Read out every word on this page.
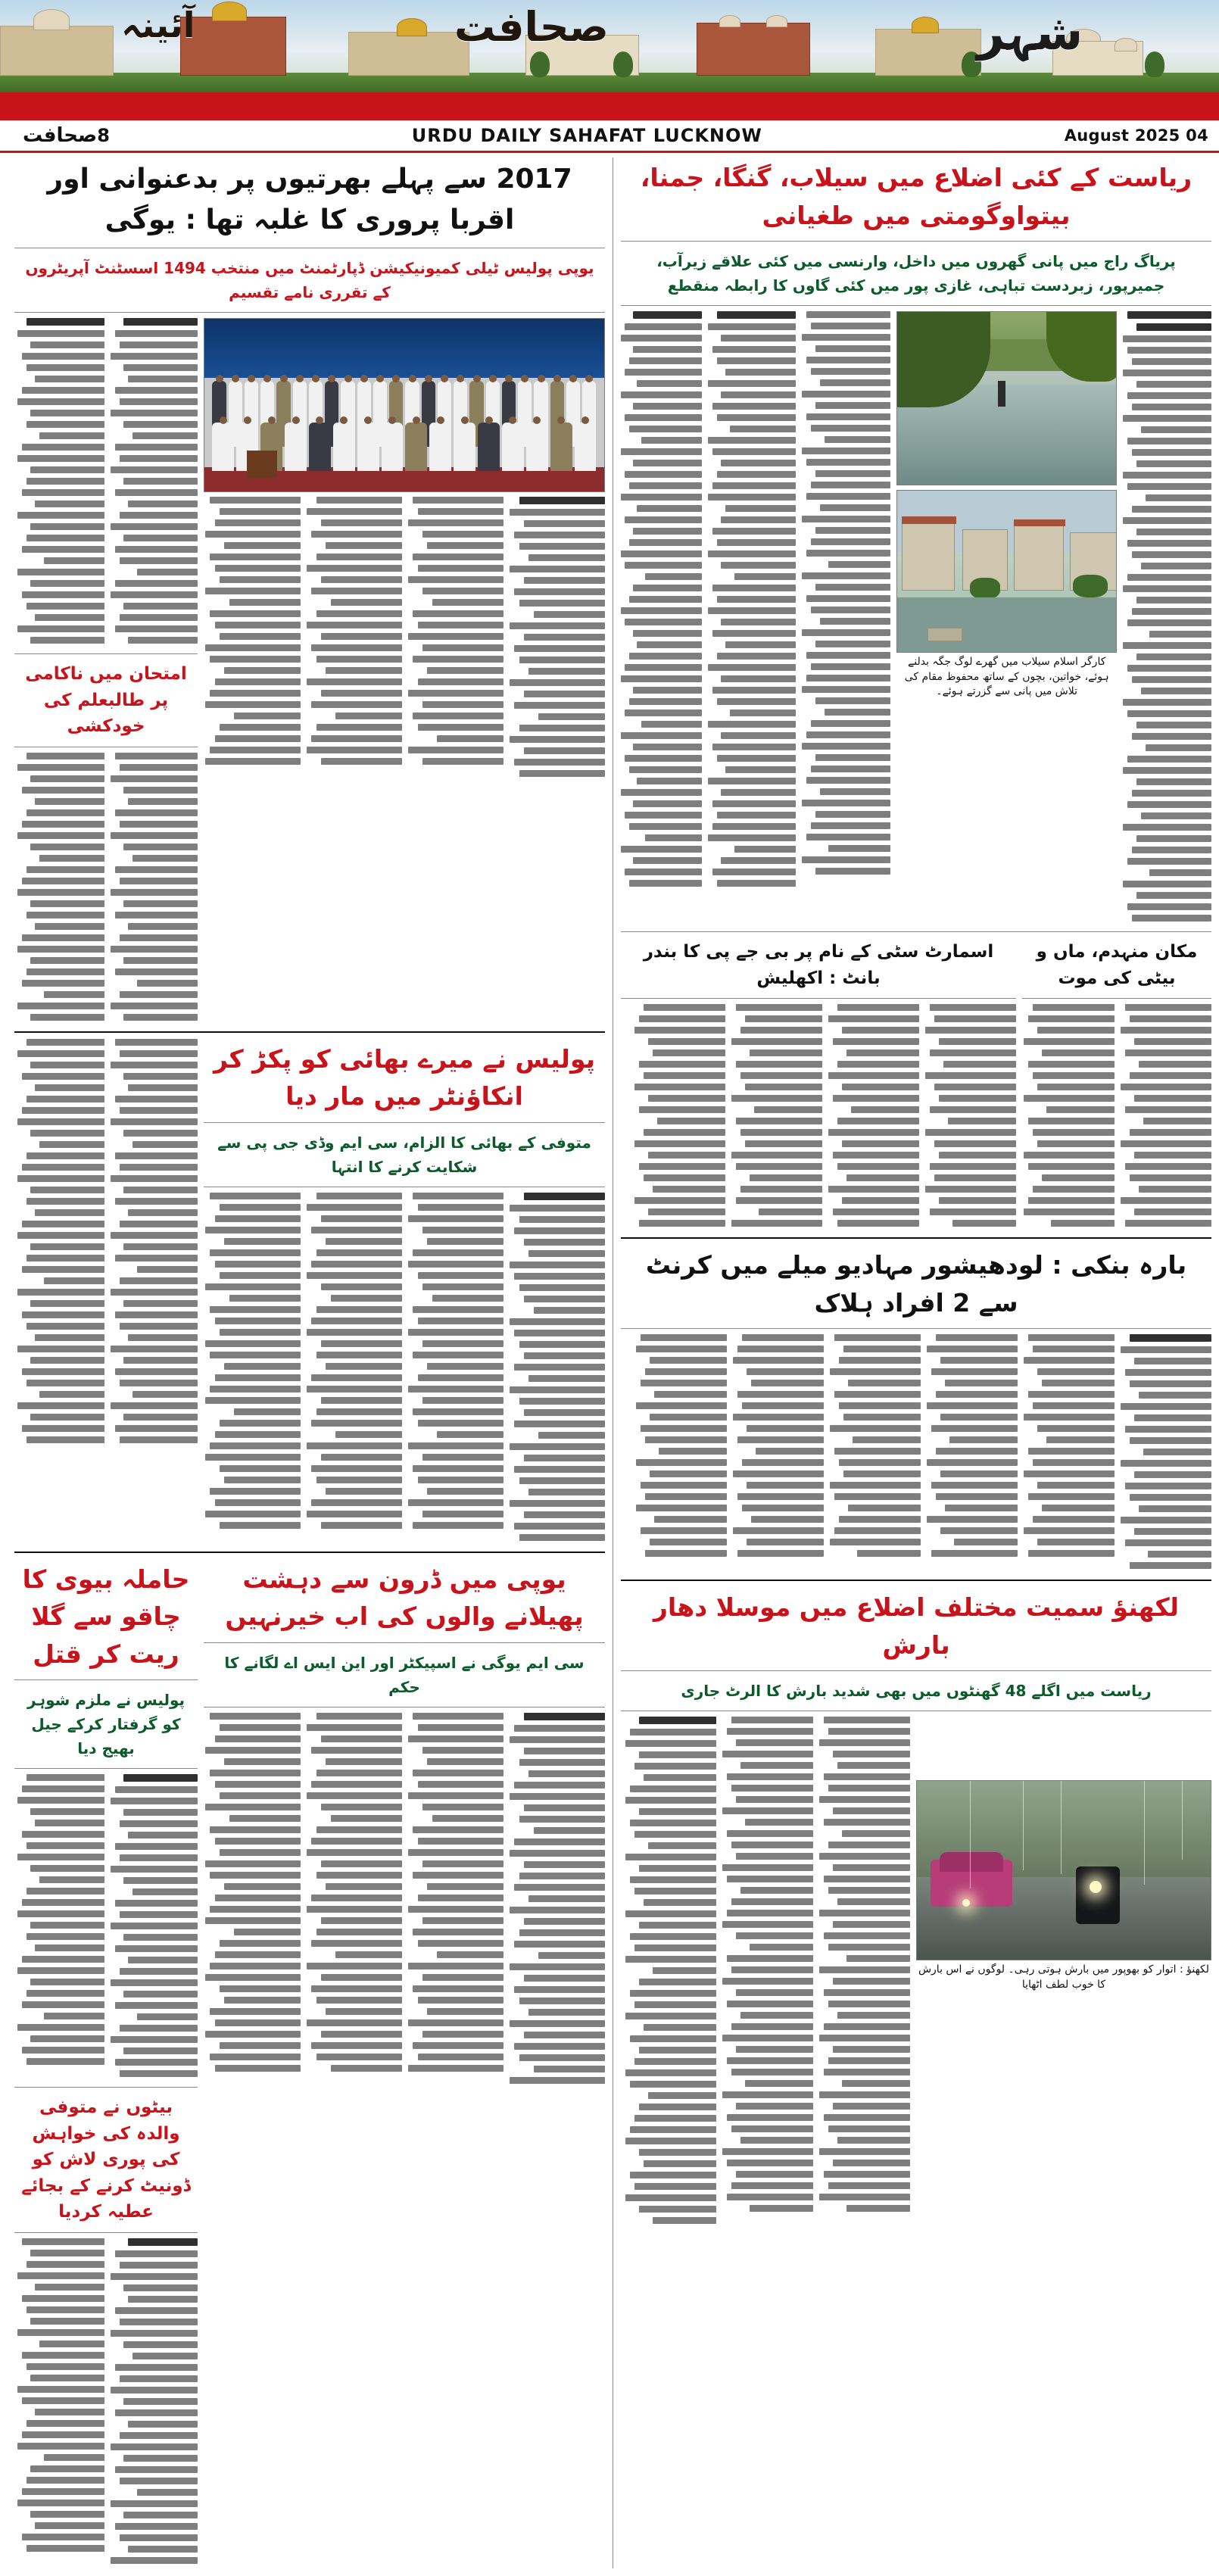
شہر
صحافت
آئینہ
04 August 2025
URDU DAILY SAHAFAT LUCKNOW
8
صحافت
ریاست کے کئی اضلاع میں سیلاب، گنگا، جمنا، بیتواوگومتی میں طغیانی
پریاگ راج میں پانی گھروں میں داخل، وارنسی میں کئی علاقے زیرآب، جمیرپور، زبردست تباہی، غازی پور میں کئی گاوں کا رابطہ منقطع
کارگر اسلام سیلاب میں گھرے لوگ جگہ بدلنے ہوئے، خواتین، بچوں کے ساتھ محفوظ مقام کی تلاش میں پانی سے گزرتے ہوئے۔
مکان منہدم، ماں و بیٹی کی موت
اسمارٹ سٹی کے نام پر بی جے پی کا بندر بانٹ : اکھلیش
بارہ بنکی : لودھیشور مہادیو میلے میں کرنٹ سے 2 افراد ہلاک
لکھنؤ سمیت مختلف اضلاع میں موسلا دھار بارش
ریاست میں اگلے 48 گھنٹوں میں بھی شدید بارش کا الرٹ جاری
لکھنؤ : اتوار کو بھوپور میں بارش ہوتی رہی۔ لوگوں نے اس بارش کا خوب لطف اٹھایا
2017 سے پہلے بھرتیوں پر بدعنوانی اور اقربا پروری کا غلبہ تھا : یوگی
یوپی پولیس ٹیلی کمیونیکیشن ڈپارٹمنٹ میں منتخب 1494 اسسٹنٹ آپریٹروں کے تقرری نامے تقسیم
امتحان میں ناکامی پر طالبعلم کی خودکشی
پولیس نے میرے بھائی کو پکڑ کر انکاؤنٹر میں مار دیا
متوفی کے بھائی کا الزام، سی ایم وڈی جی پی سے شکایت کرنے کا انتہا
یوپی میں ڈرون سے دہشت پھیلانے والوں کی اب خیرنہیں
سی ایم یوگی نے اسپیکٹر اور این ایس اے لگانے کا حکم
حاملہ بیوی کا چاقو سے گلا ریت کر قتل
پولیس نے ملزم شوہر کو گرفتار کرکے جیل بھیج دیا
بیٹوں نے متوفی والدہ کی خواہش کی پوری لاش کو ڈونیٹ کرنے کے بجائے عطیہ کردیا
